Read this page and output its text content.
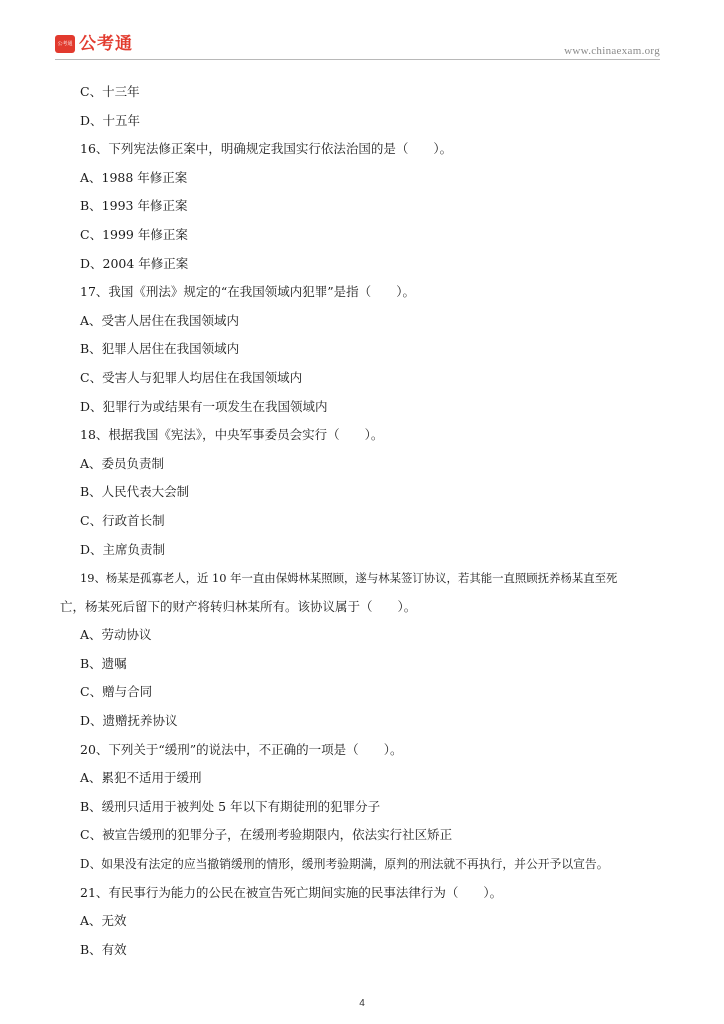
公考通 公考通	www.chinaexam.org
C、十三年
D、十五年
16、下列宪法修正案中，明确规定我国实行依法治国的是（　　）。
A、1988 年修正案
B、1993 年修正案
C、1999 年修正案
D、2004 年修正案
17、我国《刑法》规定的“在我国领域内犯罪”是指（　　）。
A、受害人居住在我国领域内
B、犯罪人居住在我国领域内
C、受害人与犯罪人均居住在我国领域内
D、犯罪行为或结果有一项发生在我国领域内
18、根据我国《宪法》，中央军事委员会实行（　　）。
A、委员负责制
B、人民代表大会制
C、行政首长制
D、主席负责制
19、杨某是孤寡老人，近 10 年一直由保姆林某照顾，遂与林某签订协议，若其能一直照顾抚养杨某直至死
亡，杨某死后留下的财产将转归林某所有。该协议属于（　　）。
A、劳动协议
B、遗嘱
C、赠与合同
D、遗赠抚养协议
20、下列关于“缓刑”的说法中，不正确的一项是（　　）。
A、累犯不适用于缓刑
B、缓刑只适用于被判处 5 年以下有期徒刑的犯罪分子
C、被宣告缓刑的犯罪分子，在缓刑考验期限内，依法实行社区矫正
D、如果没有法定的应当撤销缓刑的情形，缓刑考验期满，原判的刑法就不再执行，并公开予以宣告。
21、有民事行为能力的公民在被宣告死亡期间实施的民事法律行为（　　）。
A、无效
B、有效
4
